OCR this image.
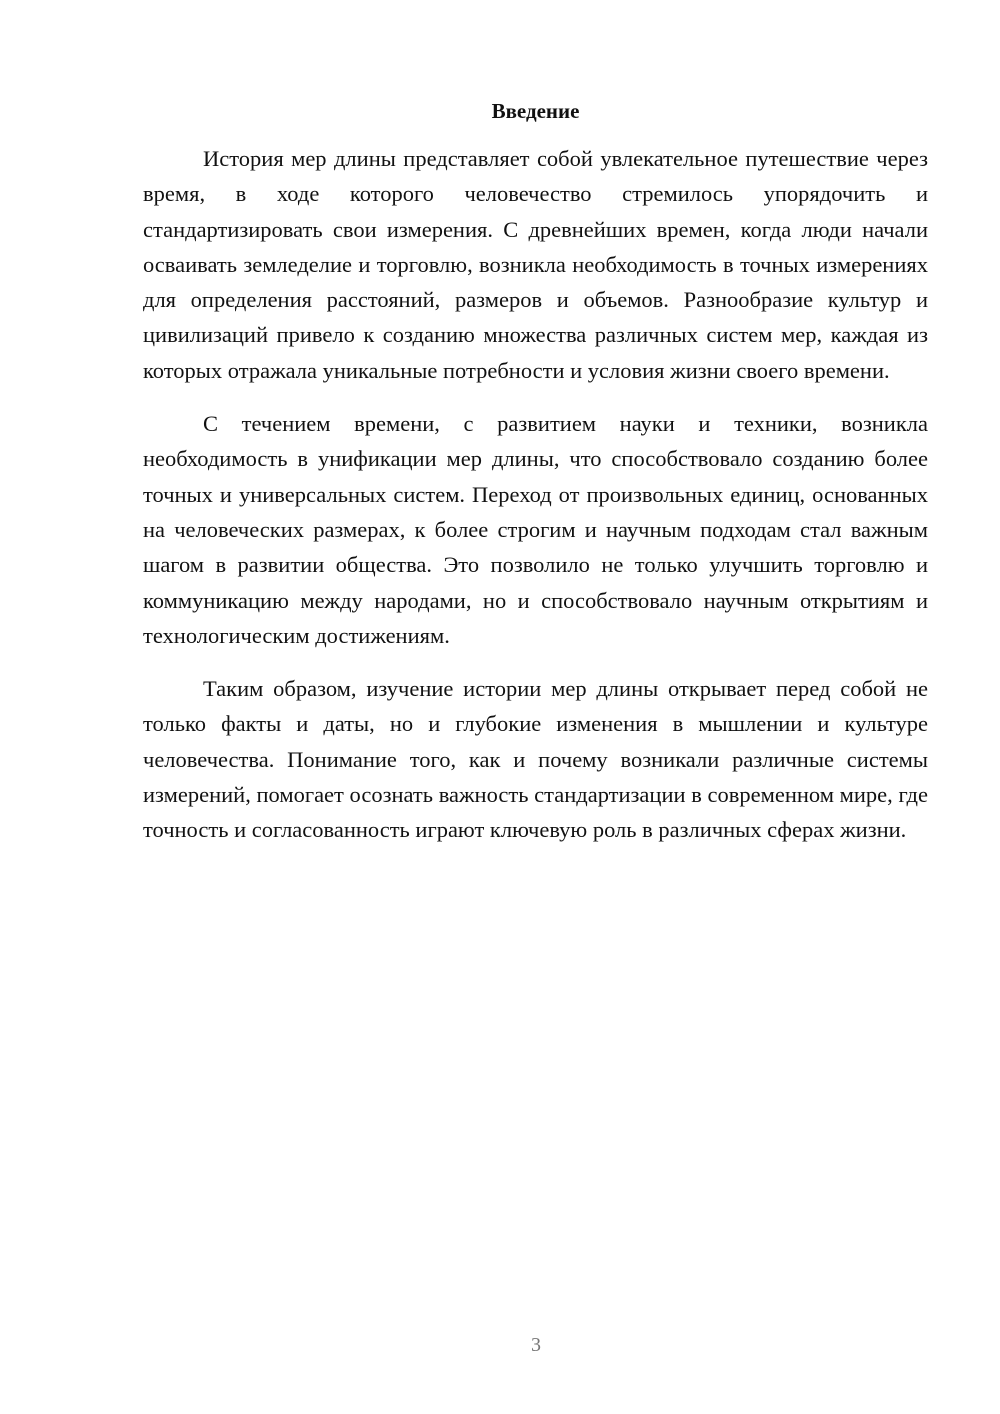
Введение

История мер длины представляет собой увлекательное путешествие через время, в ходе которого человечество стремилось упорядочить и стандартизировать свои измерения. С древнейших времен, когда люди начали осваивать земледелие и торговлю, возникла необходимость в точных измерениях для определения расстояний, размеров и объемов. Разнообразие культур и цивилизаций привело к созданию множества различных систем мер, каждая из которых отражала уникальные потребности и условия жизни своего времени.

С течением времени, с развитием науки и техники, возникла необходимость в унификации мер длины, что способствовало созданию более точных и универсальных систем. Переход от произвольных единиц, основанных на человеческих размерах, к более строгим и научным подходам стал важным шагом в развитии общества. Это позволило не только улучшить торговлю и коммуникацию между народами, но и способствовало научным открытиям и технологическим достижениям.

Таким образом, изучение истории мер длины открывает перед собой не только факты и даты, но и глубокие изменения в мышлении и культуре человечества. Понимание того, как и почему возникали различные системы измерений, помогает осознать важность стандартизации в современном мире, где точность и согласованность играют ключевую роль в различных сферах жизни.

3
